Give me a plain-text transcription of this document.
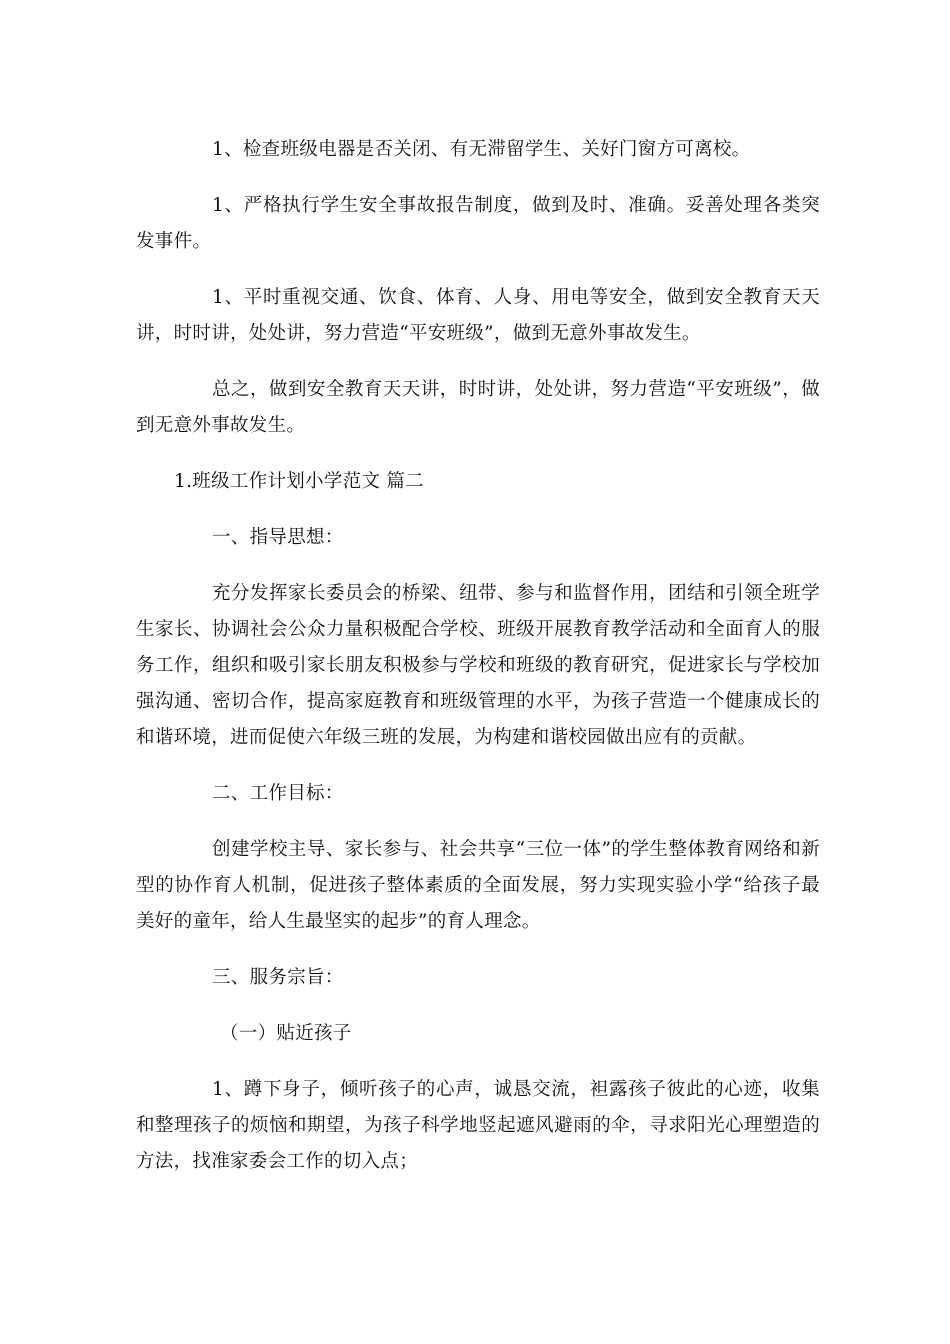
1、检查班级电器是否关闭、有无滞留学生、关好门窗方可离校。

1、严格执行学生安全事故报告制度，做到及时、准确。妥善处理各类突发事件。

1、平时重视交通、饮食、体育、人身、用电等安全，做到安全教育天天讲，时时讲，处处讲，努力营造“平安班级”，做到无意外事故发生。

总之，做到安全教育天天讲，时时讲，处处讲，努力营造“平安班级”，做到无意外事故发生。

1.班级工作计划小学范文 篇二

一、指导思想：

充分发挥家长委员会的桥梁、纽带、参与和监督作用，团结和引领全班学生家长、协调社会公众力量积极配合学校、班级开展教育教学活动和全面育人的服务工作，组织和吸引家长朋友积极参与学校和班级的教育研究，促进家长与学校加强沟通、密切合作，提高家庭教育和班级管理的水平，为孩子营造一个健康成长的和谐环境，进而促使六年级三班的发展，为构建和谐校园做出应有的贡献。

二、工作目标：

创建学校主导、家长参与、社会共享“三位一体”的学生整体教育网络和新型的协作育人机制，促进孩子整体素质的全面发展，努力实现实验小学“给孩子最美好的童年，给人生最坚实的起步”的育人理念。

三、服务宗旨：

（一）贴近孩子

1、蹲下身子，倾听孩子的心声，诚恳交流，袒露孩子彼此的心迹，收集和整理孩子的烦恼和期望，为孩子科学地竖起遮风避雨的伞，寻求阳光心理塑造的方法，找准家委会工作的切入点；
